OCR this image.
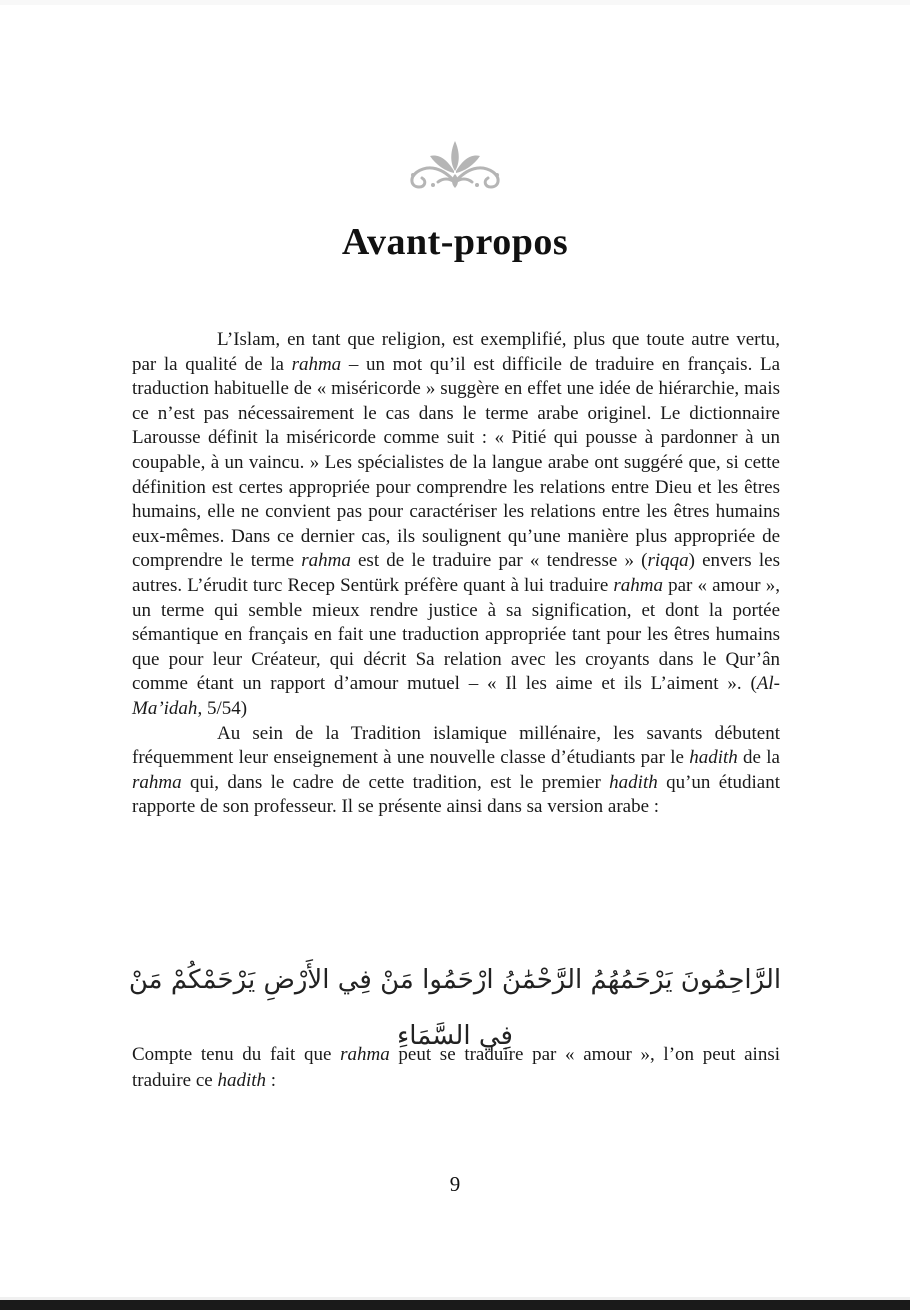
Avant-propos

L’Islam, en tant que religion, est exemplifié, plus que toute autre vertu, par la qualité de la rahma – un mot qu’il est difficile de traduire en français. La traduction habituelle de « miséricorde » suggère en effet une idée de hiérarchie, mais ce n’est pas nécessairement le cas dans le terme arabe originel. Le dictionnaire Larousse définit la miséricorde comme suit : « Pitié qui pousse à pardonner à un coupable, à un vaincu. » Les spécialistes de la langue arabe ont suggéré que, si cette définition est certes appropriée pour comprendre les relations entre Dieu et les êtres humains, elle ne convient pas pour caractériser les relations entre les êtres humains eux-mêmes. Dans ce dernier cas, ils soulignent qu’une manière plus appropriée de comprendre le terme rahma est de le traduire par « tendresse » (riqqa) envers les autres. L’érudit turc Recep Sentürk préfère quant à lui traduire rahma par « amour », un terme qui semble mieux rendre justice à sa signification, et dont la portée sémantique en français en fait une traduction appropriée tant pour les êtres humains que pour leur Créateur, qui décrit Sa relation avec les croyants dans le Qur’ân comme étant un rapport d’amour mutuel – « Il les aime et ils L’aiment ». (Al-Ma’idah, 5/54)

Au sein de la Tradition islamique millénaire, les savants débutent fréquemment leur enseignement à une nouvelle classe d’étudiants par le hadith de la rahma qui, dans le cadre de cette tradition, est le premier hadith qu’un étudiant rapporte de son professeur. Il se présente ainsi dans sa version arabe :

الرَّاحِمُونَ يَرْحَمُهُمُ الرَّحْمَٰنُ ارْحَمُوا مَنْ فِي الأَرْضِ يَرْحَمْكُمْ مَنْ فِي السَّمَاءِ

Compte tenu du fait que rahma peut se traduire par « amour », l’on peut ainsi traduire ce hadith :

9
